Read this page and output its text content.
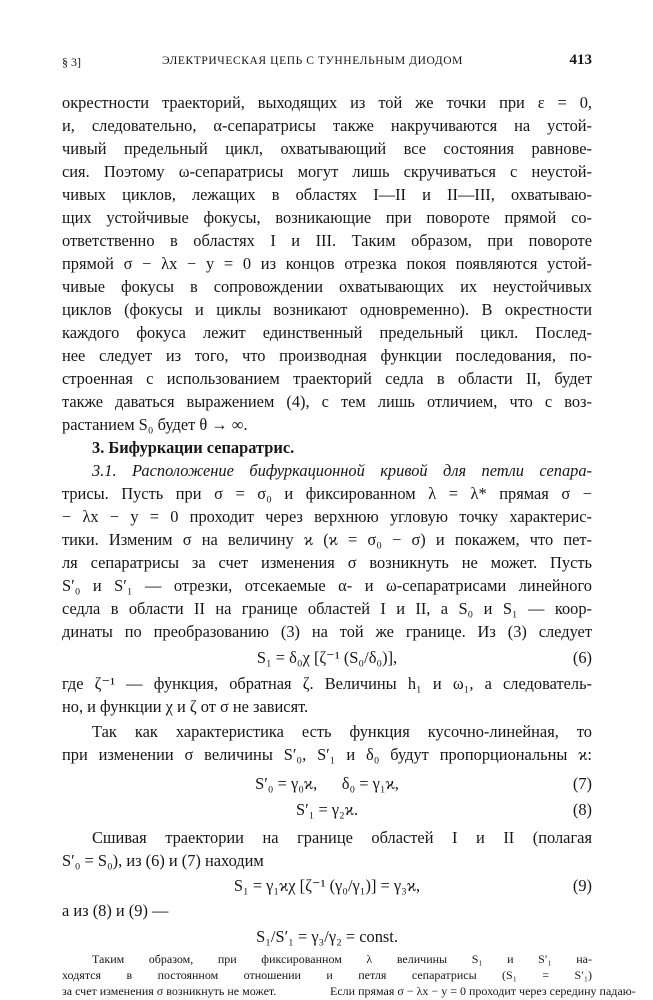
§ 3]	ЭЛЕКТРИЧЕСКАЯ ЦЕПЬ С ТУННЕЛЬНЫМ ДИОДОМ	413
окрестности траекторий, выходящих из той же точки при ε = 0,
и, следовательно, α-сепаратрисы также накручиваются на устой-
чивый предельный цикл, охватывающий все состояния равнове-
сия. Поэтому ω-сепаратрисы могут лишь скручиваться с неустой-
чивых циклов, лежащих в областях I—II и II—III, охватываю-
щих устойчивые фокусы, возникающие при повороте прямой со-
ответственно в областях I и III. Таким образом, при повороте
прямой σ − λx − y = 0 из концов отрезка покоя появляются устой-
чивые фокусы в сопровождении охватывающих их неустойчивых
циклов (фокусы и циклы возникают одновременно). В окрестности
каждого фокуса лежит единственный предельный цикл. Послед-
нее следует из того, что производная функции последования, по-
строенная с использованием траекторий седла в области II, будет
также даваться выражением (4), с тем лишь отличием, что с воз-
растанием S₀ будет θ → ∞.
3. Бифуркации сепаратрис.
3.1. Расположение бифуркационной кривой для петли сепара-
трисы. Пусть при σ = σ₀ и фиксированном λ = λ* прямая σ −
− λx − y = 0 проходит через верхнюю угловую точку характерис-
тики. Изменим σ на величину ϰ (ϰ = σ₀ − σ) и покажем, что пет-
ля сепаратрисы за счет изменения σ возникнуть не может. Пусть
S′₀ и S′₁ — отрезки, отсекаемые α- и ω-сепаратрисами линейного
седла в области II на границе областей I и II, а S₀ и S₁ — коор-
динаты по преобразованию (3) на той же границе. Из (3) следует
S₁ = δ₀χ [ζ⁻¹ (S₀/δ₀)],	(6)
где ζ⁻¹ — функция, обратная ζ. Величины h₁ и ω₁, а следователь-
но, и функции χ и ζ от σ не зависят.
Так как характеристика есть функция кусочно-линейная, то
при изменении σ величины S′₀, S′₁ и δ₀ будут пропорциональны ϰ:
S′₀ = γ₀ϰ,      δ₀ = γ₁ϰ,	(7)
S′₁ = γ₂ϰ.	(8)
Сшивая траектории на границе областей I и II (полагая
S′₀ = S₀), из (6) и (7) находим
S₁ = γ₁ϰχ [ζ⁻¹ (γ₀/γ₁)] = γ₃ϰ,	(9)
а из (8) и (9) —
S₁/S′₁ = γ₃/γ₂ = const.
Таким образом, при фиксированном λ величины S₁ и S′₁ на-
ходятся в постоянном отношении и петля сепаратрисы (S₁ = S′₁)
за счет изменения σ возникнуть не может.	Если прямая σ − λx − y = 0 проходит через середину падаю-
